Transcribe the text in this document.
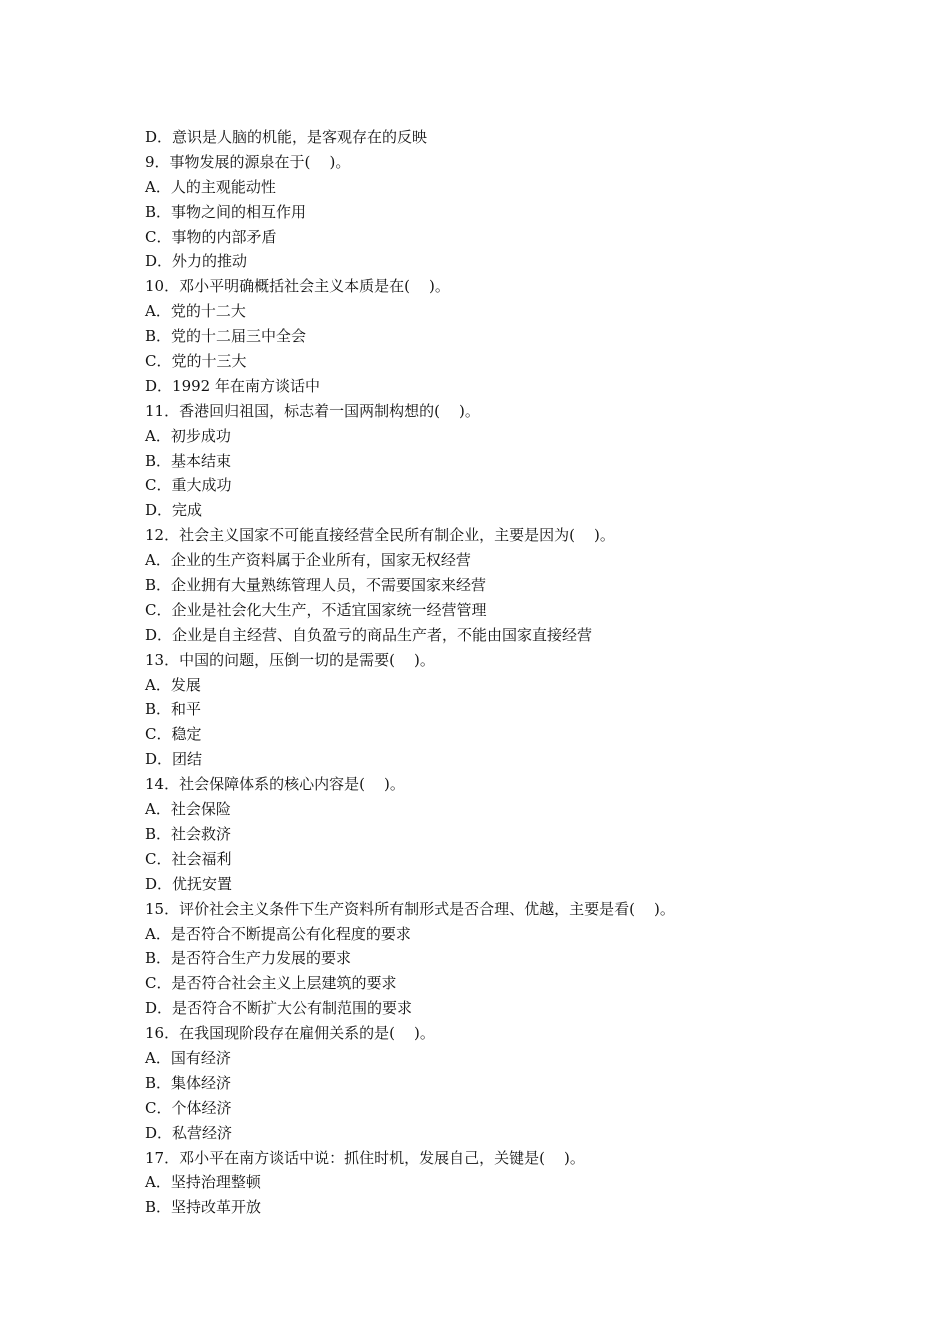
D．意识是人脑的机能，是客观存在的反映
9．事物发展的源泉在于(    )。
A．人的主观能动性
B．事物之间的相互作用
C．事物的内部矛盾
D．外力的推动
10．邓小平明确概括社会主义本质是在(    )。
A．党的十二大
B．党的十二届三中全会
C．党的十三大
D．1992 年在南方谈话中
11．香港回归祖国，标志着一国两制构想的(    )。
A．初步成功
B．基本结束
C．重大成功
D．完成
12．社会主义国家不可能直接经营全民所有制企业，主要是因为(    )。
A．企业的生产资料属于企业所有，国家无权经营
B．企业拥有大量熟练管理人员，不需要国家来经营
C．企业是社会化大生产，不适宜国家统一经营管理
D．企业是自主经营、自负盈亏的商品生产者，不能由国家直接经营
13．中国的问题，压倒一切的是需要(    )。
A．发展
B．和平
C．稳定
D．团结
14．社会保障体系的核心内容是(    )。
A．社会保险
B．社会救济
C．社会福利
D．优抚安置
15．评价社会主义条件下生产资料所有制形式是否合理、优越，主要是看(    )。
A．是否符合不断提高公有化程度的要求
B．是否符合生产力发展的要求
C．是否符合社会主义上层建筑的要求
D．是否符合不断扩大公有制范围的要求
16．在我国现阶段存在雇佣关系的是(    )。
A．国有经济
B．集体经济
C．个体经济
D．私营经济
17．邓小平在南方谈话中说：抓住时机，发展自己，关键是(    )。
A．坚持治理整顿
B．坚持改革开放
